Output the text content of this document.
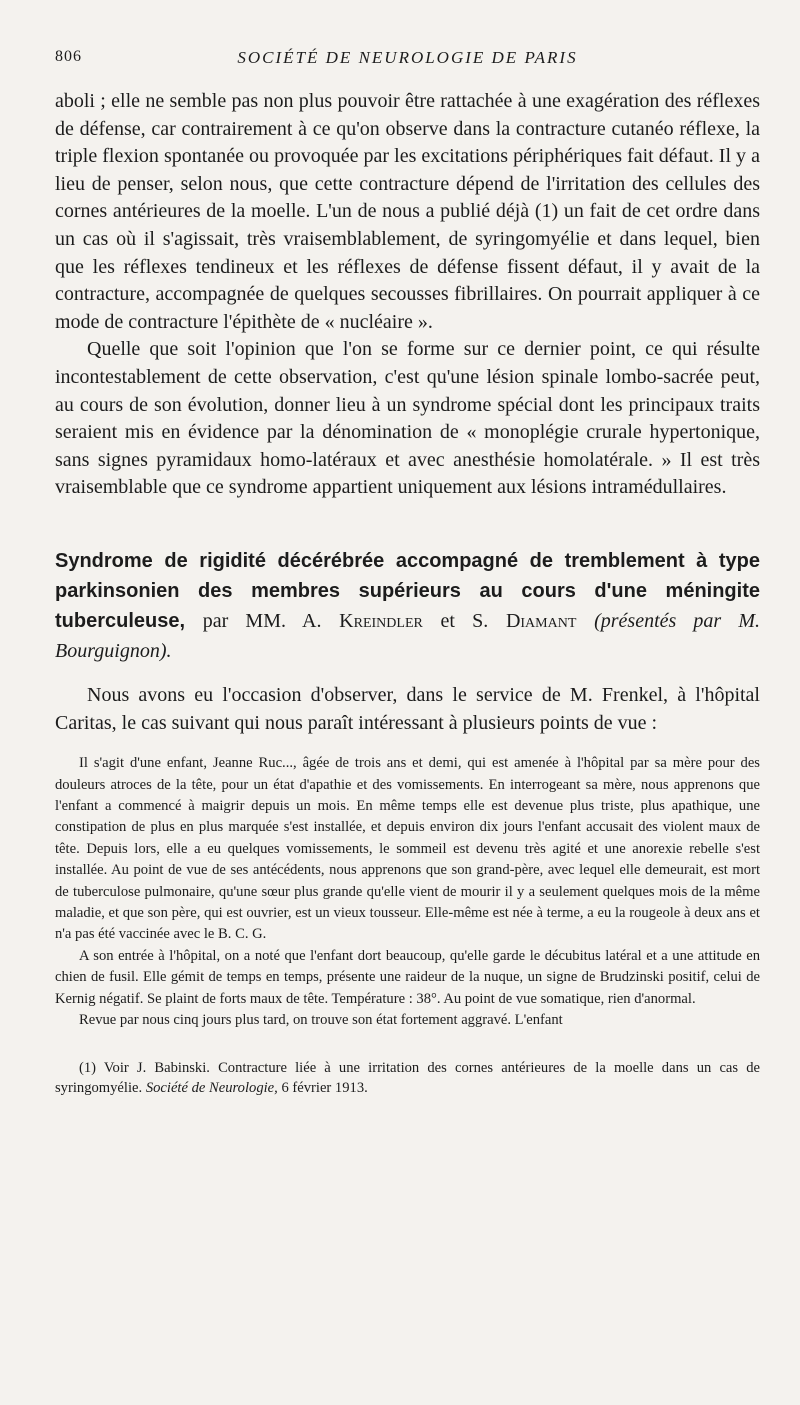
806	SOCIÉTÉ DE NEUROLOGIE DE PARIS

aboli ; elle ne semble pas non plus pouvoir être rattachée à une exagération des réflexes de défense, car contrairement à ce qu'on observe dans la contracture cutanéo réflexe, la triple flexion spontanée ou provoquée par les excitations périphériques fait défaut. Il y a lieu de penser, selon nous, que cette contracture dépend de l'irritation des cellules des cornes antérieures de la moelle. L'un de nous a publié déjà (1) un fait de cet ordre dans un cas où il s'agissait, très vraisemblablement, de syringomyélie et dans lequel, bien que les réflexes tendineux et les réflexes de défense fissent défaut, il y avait de la contracture, accompagnée de quelques secousses fibrillaires. On pourrait appliquer à ce mode de contracture l'épithète de « nucléaire ».

Quelle que soit l'opinion que l'on se forme sur ce dernier point, ce qui résulte incontestablement de cette observation, c'est qu'une lésion spinale lombo-sacrée peut, au cours de son évolution, donner lieu à un syndrome spécial dont les principaux traits seraient mis en évidence par la dénomination de « monoplégie crurale hypertonique, sans signes pyramidaux homo-latéraux et avec anesthésie homolatérale. » Il est très vraisemblable que ce syndrome appartient uniquement aux lésions intramédullaires.

Syndrome de rigidité décérébrée accompagné de tremblement à type parkinsonien des membres supérieurs au cours d'une méningite tuberculeuse, par MM. A. Kreindler et S. Diamant (présentés par M. Bourguignon).

Nous avons eu l'occasion d'observer, dans le service de M. Frenkel, à l'hôpital Caritas, le cas suivant qui nous paraît intéressant à plusieurs points de vue :

Il s'agit d'une enfant, Jeanne Ruc..., âgée de trois ans et demi, qui est amenée à l'hôpital par sa mère pour des douleurs atroces de la tête, pour un état d'apathie et des vomissements. En interrogeant sa mère, nous apprenons que l'enfant a commencé à maigrir depuis un mois. En même temps elle est devenue plus triste, plus apathique, une constipation de plus en plus marquée s'est installée, et depuis environ dix jours l'enfant accusait des violent maux de tête. Depuis lors, elle a eu quelques vomissements, le sommeil est devenu très agité et une anorexie rebelle s'est installée. Au point de vue de ses antécédents, nous apprenons que son grand-père, avec lequel elle demeurait, est mort de tuberculose pulmonaire, qu'une sœur plus grande qu'elle vient de mourir il y a seulement quelques mois de la même maladie, et que son père, qui est ouvrier, est un vieux tousseur. Elle-même est née à terme, a eu la rougeole à deux ans et n'a pas été vaccinée avec le B. C. G.

A son entrée à l'hôpital, on a noté que l'enfant dort beaucoup, qu'elle garde le décubitus latéral et a une attitude en chien de fusil. Elle gémit de temps en temps, présente une raideur de la nuque, un signe de Brudzinski positif, celui de Kernig négatif. Se plaint de forts maux de tête. Température : 38°. Au point de vue somatique, rien d'anormal.

Revue par nous cinq jours plus tard, on trouve son état fortement aggravé. L'enfant

(1) Voir J. Babinski. Contracture liée à une irritation des cornes antérieures de la moelle dans un cas de syringomyélie. Société de Neurologie, 6 février 1913.
